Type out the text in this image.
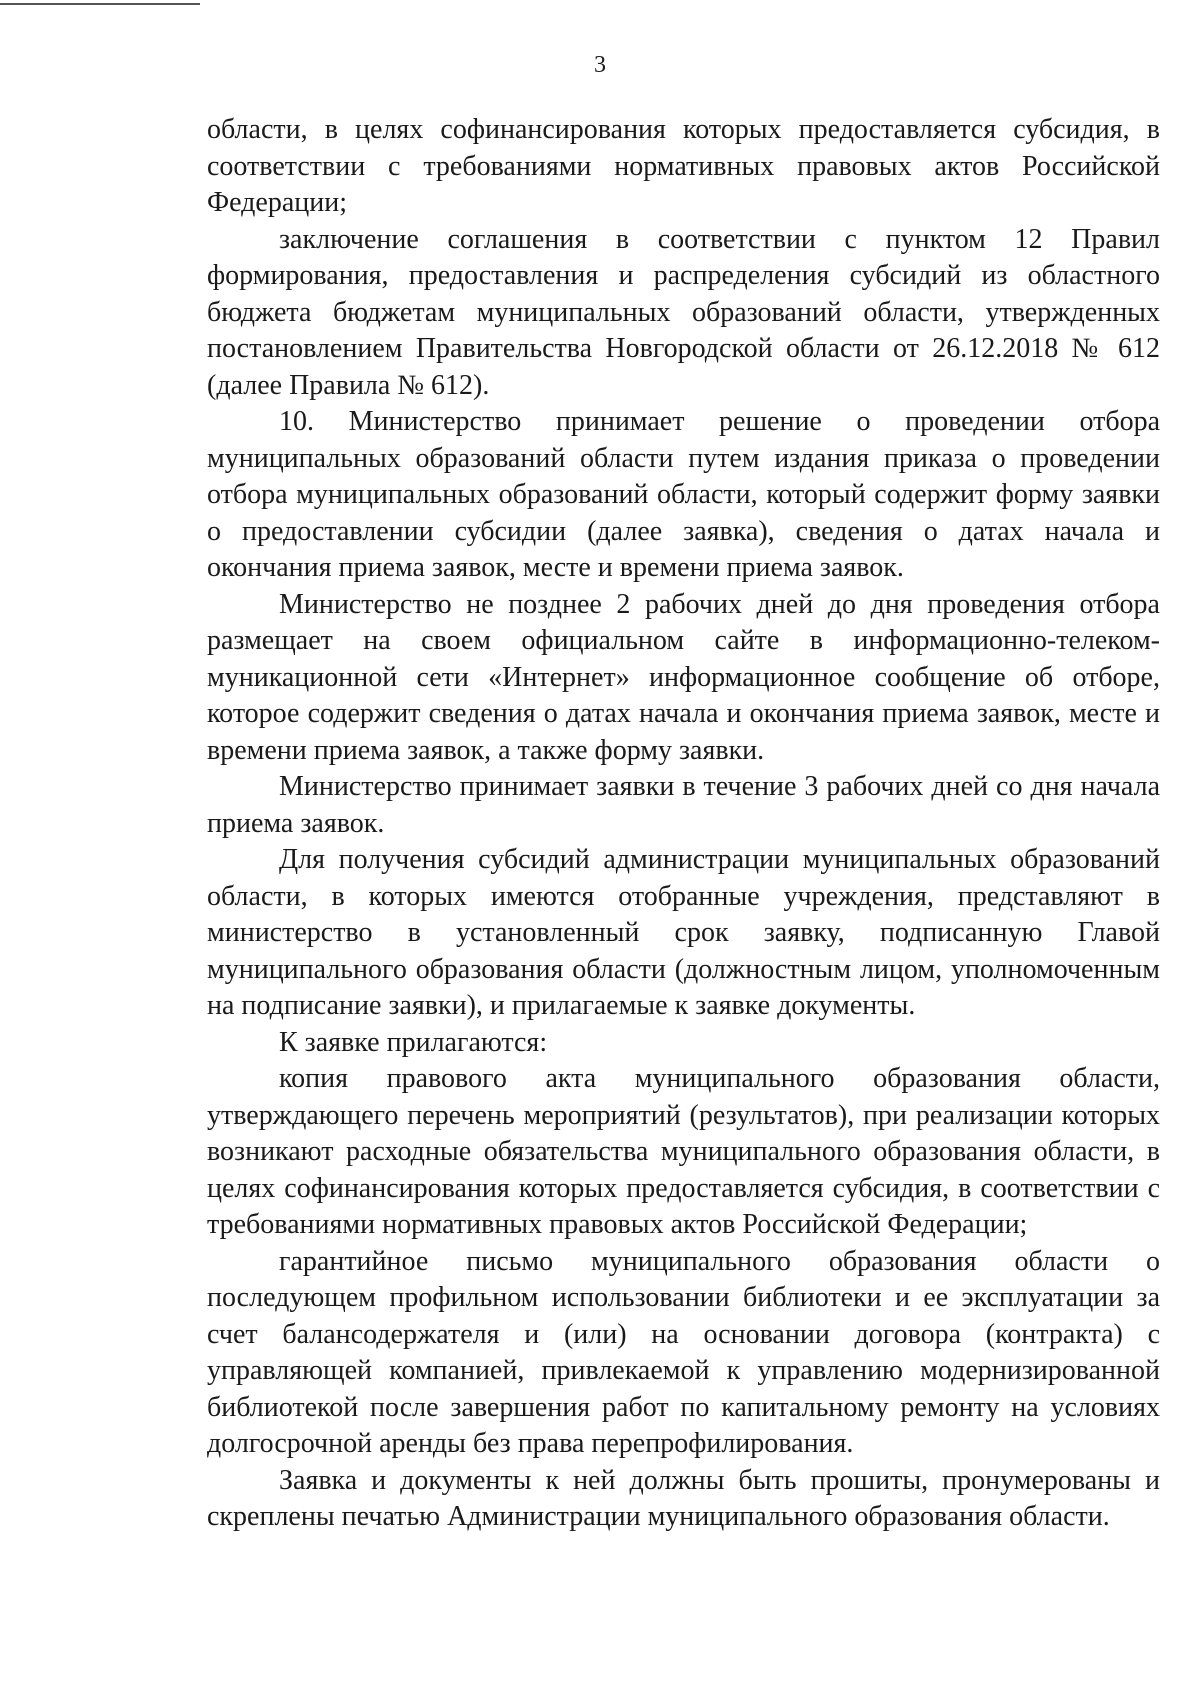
3

области, в целях софинансирования которых предоставляется субсидия, в соответствии с требованиями нормативных правовых актов Российской Федерации;

заключение соглашения в соответствии с пунктом 12 Правил формирования, предоставления и распределения субсидий из областного бюджета бюджетам муниципальных образований области, утвержденных постановлением Правительства Новгородской области от 26.12.2018 № 612 (далее Правила № 612).

10. Министерство принимает решение о проведении отбора муниципальных образований области путем издания приказа о проведении отбора муниципальных образований области, который содержит форму заявки о предоставлении субсидии (далее заявка), сведения о датах начала и окончания приема заявок, месте и времени приема заявок.

Министерство не позднее 2 рабочих дней до дня проведения отбора размещает на своем официальном сайте в информационно-телеком-муникационной сети «Интернет» информационное сообщение об отборе, которое содержит сведения о датах начала и окончания приема заявок, месте и времени приема заявок, а также форму заявки.

Министерство принимает заявки в течение 3 рабочих дней со дня начала приема заявок.

Для получения субсидий администрации муниципальных образований области, в которых имеются отобранные учреждения, представляют в министерство в установленный срок заявку, подписанную Главой муниципального образования области (должностным лицом, уполномоченным на подписание заявки), и прилагаемые к заявке документы.

К заявке прилагаются:

копия правового акта муниципального образования области, утверждающего перечень мероприятий (результатов), при реализации которых возникают расходные обязательства муниципального образования области, в целях софинансирования которых предоставляется субсидия, в соответствии с требованиями нормативных правовых актов Российской Федерации;

гарантийное письмо муниципального образования области о последующем профильном использовании библиотеки и ее эксплуатации за счет балансодержателя и (или) на основании договора (контракта) с управляющей компанией, привлекаемой к управлению модернизированной библиотекой после завершения работ по капитальному ремонту на условиях долгосрочной аренды без права перепрофилирования.

Заявка и документы к ней должны быть прошиты, пронумерованы и скреплены печатью Администрации муниципального образования области.
